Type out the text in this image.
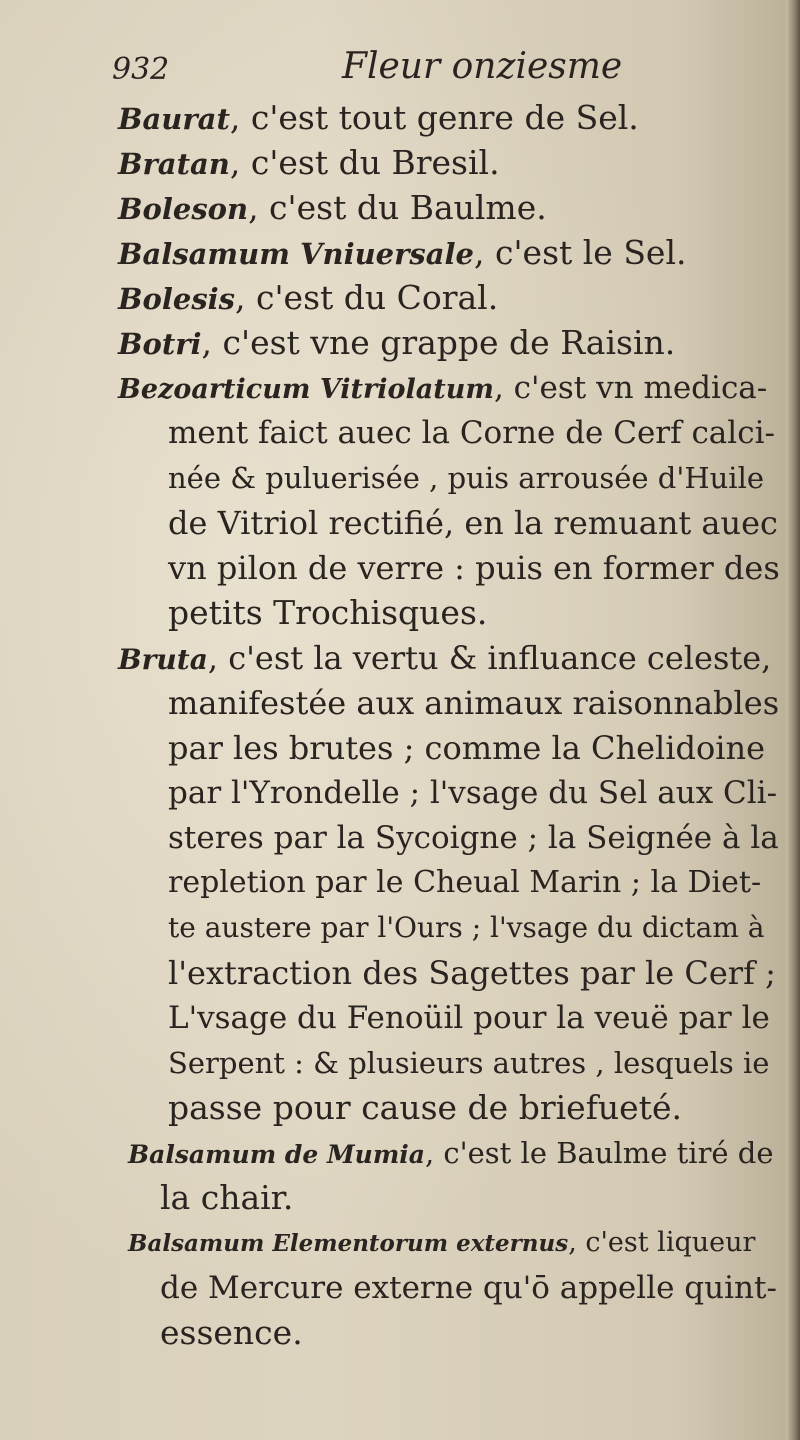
932	Fleur onziesme
Baurat, c'est tout genre de Sel.
Bratan, c'est du Bresil.
Boleson, c'est du Baulme.
Balsamum Vniuersale, c'est le Sel.
Bolesis, c'est du Coral.
Botri, c'est vne grappe de Raisin.
Bezoarticum Vitriolatum, c'est vn medica-
ment faict auec la Corne de Cerf calci-
née & puluerisée , puis arrousée d'Huile
de Vitriol rectifié, en la remuant auec
vn pilon de verre : puis en former des
petits Trochisques.
Bruta, c'est la vertu & influance celeste,
manifestée aux animaux raisonnables
par les brutes ; comme la Chelidoine
par l'Yrondelle ; l'vsage du Sel aux Cli-
steres par la Sycoigne ; la Seignée à la
repletion par le Cheual Marin ; la Diet-
te austere par l'Ours ; l'vsage du dictam à
l'extraction des Sagettes par le Cerf ;
L'vsage du Fenoüil pour la veuë par le
Serpent : & plusieurs autres , lesquels ie
passe pour cause de briefueté.
Balsamum de Mumia, c'est le Baulme tiré de
la chair.
Balsamum Elementorum externus, c'est liqueur
de Mercure externe qu'ō appelle quint-
essence.
